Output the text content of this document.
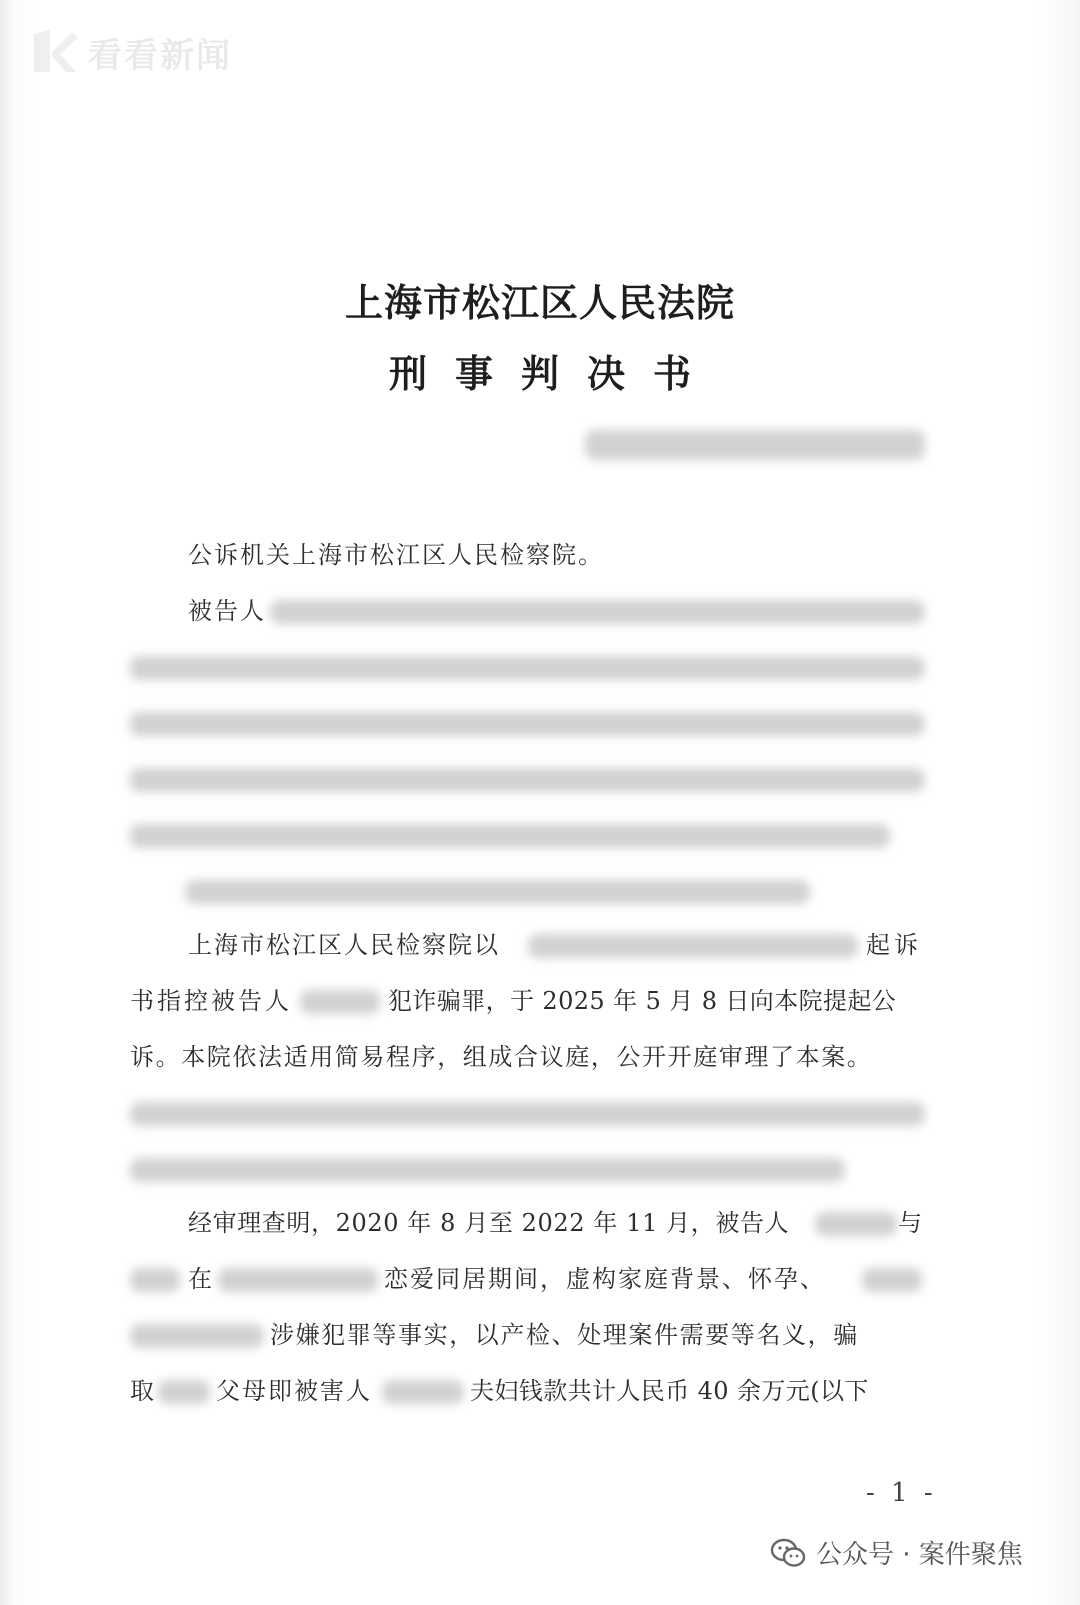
看看新闻
上海市松江区人民法院
刑事判决书
公诉机关上海市松江区人民检察院。
被告人
上海市松江区人民检察院以	起诉
书指控被告人	犯诈骗罪，于 2025 年 5 月 8 日向本院提起公
诉。本院依法适用简易程序，组成合议庭，公开开庭审理了本案。
经审理查明，2020 年 8 月至 2022 年 11 月，被告人	与
在	恋爱同居期间，虚构家庭背景、怀孕、
涉嫌犯罪等事实，以产检、处理案件需要等名义，骗
取	父母即被害人	夫妇钱款共计人民币 40 余万元(以下
- 1 -
公众号 · 案件聚焦
